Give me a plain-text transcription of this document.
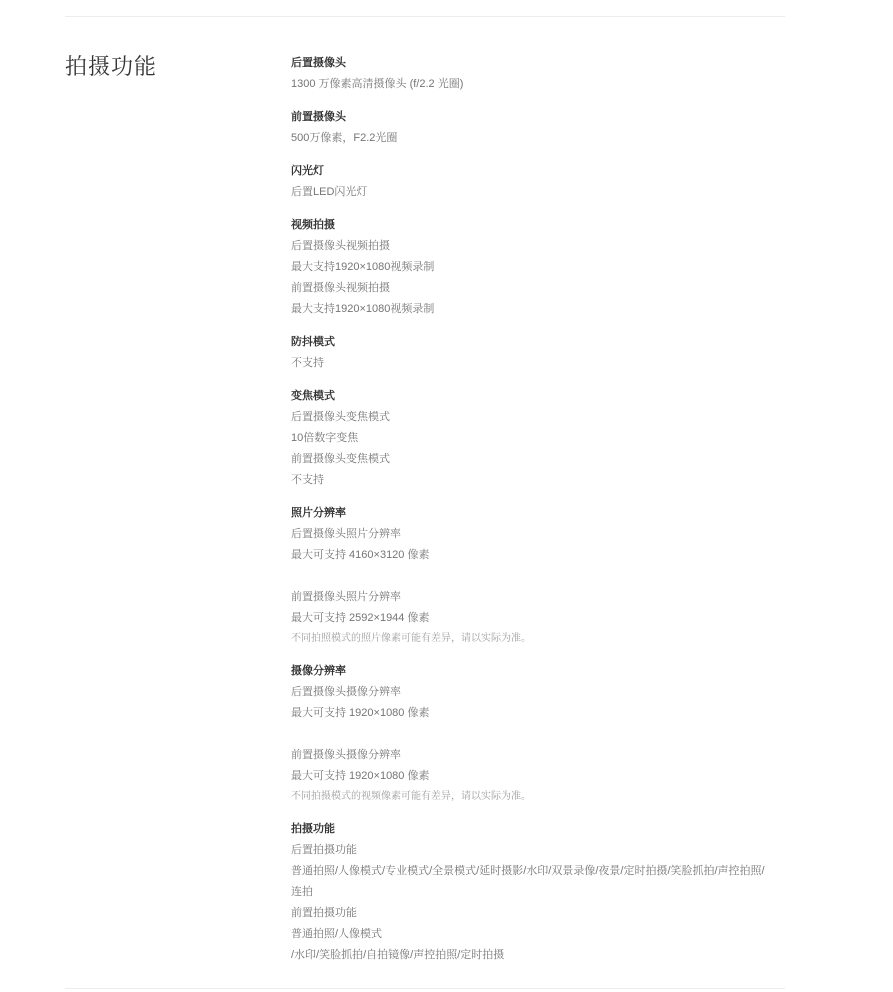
拍摄功能	后置摄像头
1300 万像素高清摄像头 (f/2.2 光圈)
前置摄像头
500万像素，F2.2光圈
闪光灯
后置LED闪光灯
视频拍摄
后置摄像头视频拍摄
最大支持1920×1080视频录制
前置摄像头视频拍摄
最大支持1920×1080视频录制
防抖模式
不支持
变焦模式
后置摄像头变焦模式
10倍数字变焦
前置摄像头变焦模式
不支持
照片分辨率
后置摄像头照片分辨率
最大可支持 4160×3120 像素
前置摄像头照片分辨率
最大可支持 2592×1944 像素
不同拍照模式的照片像素可能有差异，请以实际为准。
摄像分辨率
后置摄像头摄像分辨率
最大可支持 1920×1080 像素
前置摄像头摄像分辨率
最大可支持 1920×1080 像素
不同拍摄模式的视频像素可能有差异，请以实际为准。
拍摄功能
后置拍摄功能
普通拍照/人像模式/专业模式/全景模式/延时摄影/水印/双景录像/夜景/定时拍摄/笑脸抓拍/声控拍照/
连拍
前置拍摄功能
普通拍照/人像模式
/水印/笑脸抓拍/自拍镜像/声控拍照/定时拍摄
